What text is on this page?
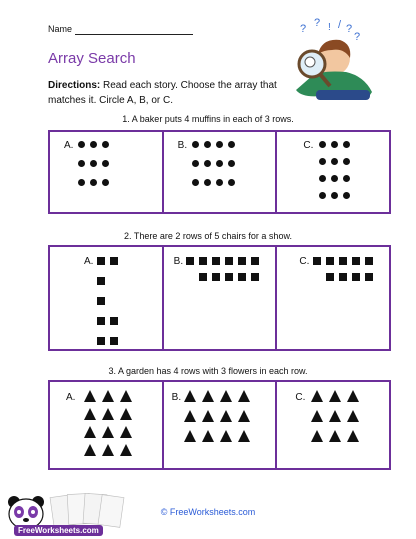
Name
Array Search
Directions: Read each story. Choose the array that matches it. Circle A, B, or C.
? ? ! / ?
?
1. A baker puts 4 muffins in each of 3 rows.
A.	B.	C.
2. There are 2 rows of 5 chairs for a show.
A.	B.	C.
3. A garden has 4 rows with 3 flowers in each row.
A.	B.	C.
FreeWorksheets.com
© FreeWorksheets.com
